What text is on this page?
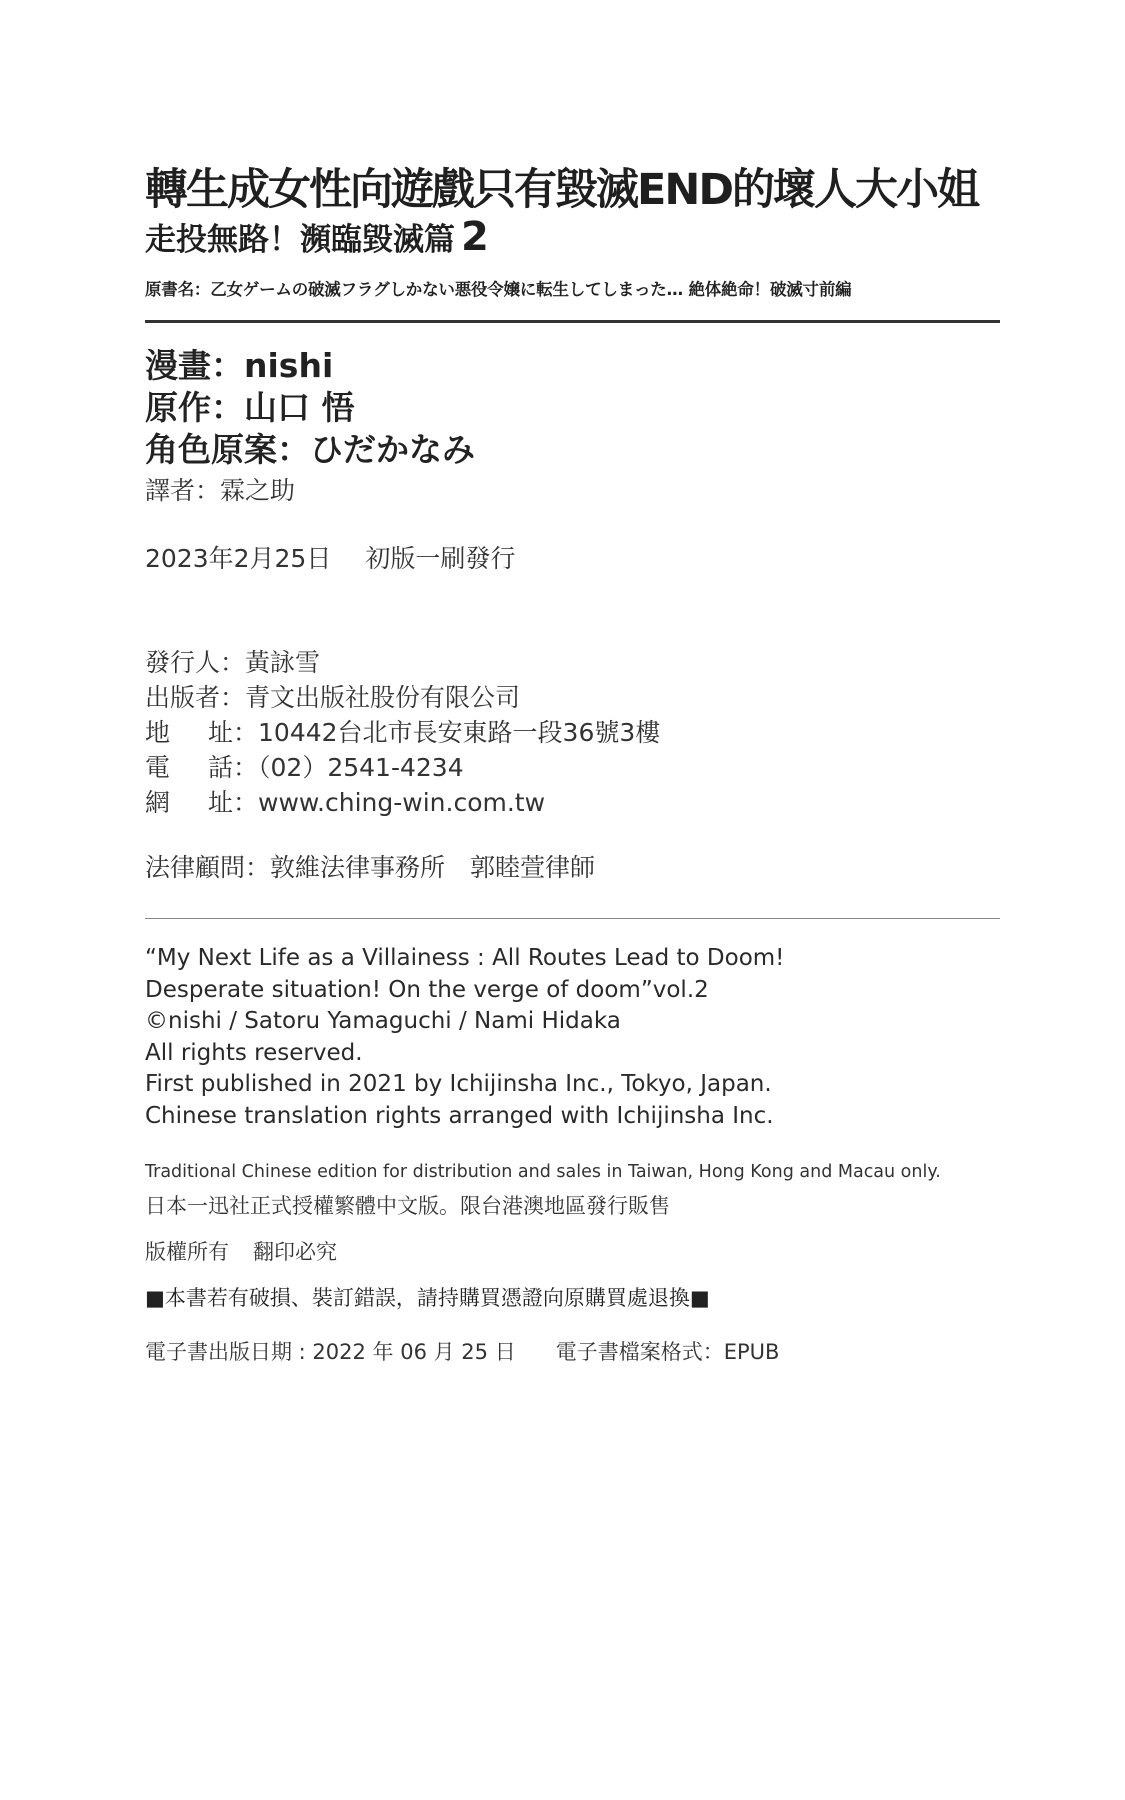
轉生成女性向遊戲只有毀滅END的壞人大小姐
走投無路！瀕臨毀滅篇 2
原書名：乙女ゲームの破滅フラグしかない悪役令嬢に転生してしまった… 絶体絶命！破滅寸前編
漫畫：nishi
原作：山口 悟
角色原案：ひだかなみ
譯者：霖之助
2023年2月25日 初版一刷發行
發行人：黃詠雪
出版者：青文出版社股份有限公司
地 址 ：10442台北市長安東路一段36號3樓
電 話 ：（02）2541-4234
網 址 ：www.ching-win.com.tw
法律顧問：敦維法律事務所　郭睦萱律師
“My Next Life as a Villainess : All Routes Lead to Doom!
Desperate situation! On the verge of doom”vol.2
©nishi / Satoru Yamaguchi / Nami Hidaka
All rights reserved.
First published in 2021 by Ichijinsha Inc., Tokyo, Japan.
Chinese translation rights arranged with Ichijinsha Inc.
Traditional Chinese edition for distribution and sales in Taiwan, Hong Kong and Macau only.
日本一迅社正式授權繁體中文版。限台港澳地區發行販售
版權所有 翻印必究
■本書若有破損、裝訂錯誤，請持購買憑證向原購買處退換■
電子書出版日期 : 2022 年 06 月 25 日 電子書檔案格式：EPUB
